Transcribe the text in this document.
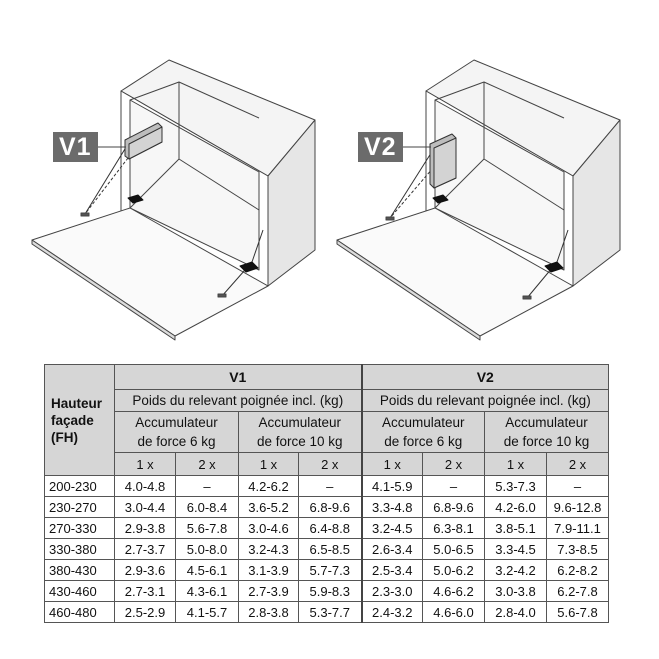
V1	V2
Hauteur
façade
(FH)	V1				V2			
	Poids du relevant poignée incl. (kg)				Poids du relevant poignée incl. (kg)			
	Accumulateur
de force 6 kg		Accumulateur
de force 10 kg		Accumulateur
de force 6 kg		Accumulateur
de force 10 kg	
	1 x	2 x	1 x	2 x	1 x	2 x	1 x	2 x
200-230	4.0-4.8	–	4.2-6.2	–	4.1-5.9	–	5.3-7.3	–
230-270	3.0-4.4	6.0-8.4	3.6-5.2	6.8-9.6	3.3-4.8	6.8-9.6	4.2-6.0	9.6-12.8
270-330	2.9-3.8	5.6-7.8	3.0-4.6	6.4-8.8	3.2-4.5	6.3-8.1	3.8-5.1	7.9-11.1
330-380	2.7-3.7	5.0-8.0	3.2-4.3	6.5-8.5	2.6-3.4	5.0-6.5	3.3-4.5	7.3-8.5
380-430	2.9-3.6	4.5-6.1	3.1-3.9	5.7-7.3	2.5-3.4	5.0-6.2	3.2-4.2	6.2-8.2
430-460	2.7-3.1	4.3-6.1	2.7-3.9	5.9-8.3	2.3-3.0	4.6-6.2	3.0-3.8	6.2-7.8
460-480	2.5-2.9	4.1-5.7	2.8-3.8	5.3-7.7	2.4-3.2	4.6-6.0	2.8-4.0	5.6-7.8
